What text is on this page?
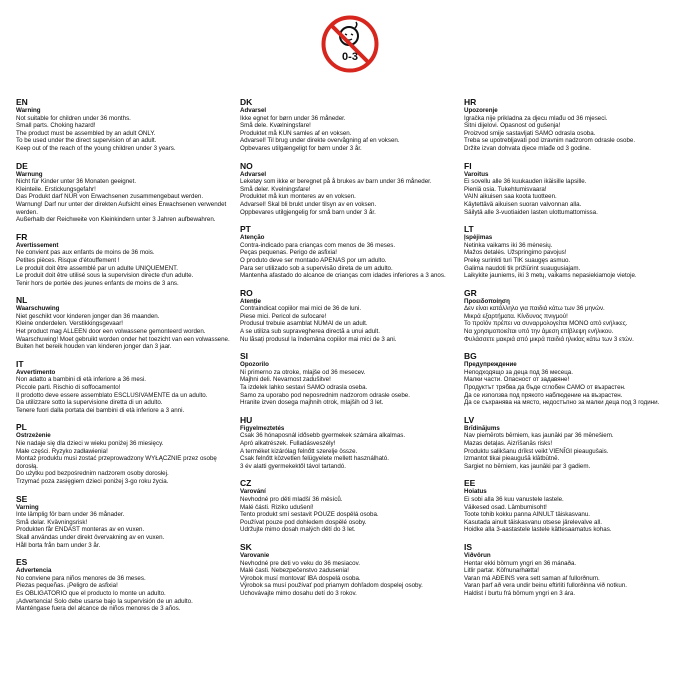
0-3
EN
Warning
Not suitable for children under 36 months.
Small parts. Choking hazard!
The product must be assembled by an adult ONLY.
To be used under the direct supervision of an adult.
Keep out of the reach of the young children under 3 years.
DE
Warnung
Nicht für Kinder unter 36 Monaten geeignet.
Kleinteile. Erstickungsgefahr!
Das Produkt darf NUR von Erwachsenen zusammengebaut werden.
Warnung! Darf nur unter der direkten Aufsicht eines Erwachsenen verwendet werden.
Außerhalb der Reichweite von Kleinkindern unter 3 Jahren aufbewahren.
FR
Avertissement
Ne convient pas aux enfants de moins de 36 mois.
Petites pièces. Risque d'étouffement !
Le produit doit être assemblé par un adulte UNIQUEMENT.
Le produit doit être utilisé sous la supervision directe d'un adulte.
Tenir hors de portée des jeunes enfants de moins de 3 ans.
NL
Waarschuwing
Niet geschikt voor kinderen jonger dan 36 maanden.
Kleine onderdelen. Verstikkingsgevaar!
Het product mag ALLEEN door een volwassene gemonteerd worden.
Waarschuwing! Moet gebruikt worden onder het toezicht van een volwassene.
Buiten het bereik houden van kinderen jonger dan 3 jaar.
IT
Avvertimento
Non adatto a bambini di età inferiore a 36 mesi.
Piccole parti. Rischio di soffocamento!
Il prodotto deve essere assemblato ESCLUSIVAMENTE da un adulto.
Da utilizzare sotto la supervisione diretta di un adulto.
Tenere fuori dalla portata dei bambini di età inferiore a 3 anni.
PL
Ostrzeżenie
Nie nadaje się dla dzieci w wieku poniżej 36 miesięcy.
Małe części. Ryzyko zadławienia!
Montaż produktu musi zostać przeprowadzony WYŁĄCZNIE przez osobę dorosłą.
Do użytku pod bezpośrednim nadzorem osoby dorosłej.
Trzymać poza zasięgiem dzieci poniżej 3-go roku życia.
SE
Varning
Inte lämplig för barn under 36 månader.
Små delar. Kvävningsrisk!
Produkten får ENDAST monteras av en vuxen.
Skall användas under direkt övervakning av en vuxen.
Håll borta från barn under 3 år.
ES
Advertencia
No conviene para niños menores de 36 meses.
Piezas pequeñas. ¡Peligro de asfixia!
Es OBLIGATORIO que el producto lo monte un adulto.
¡Advertencia! Solo debe usarse bajo la supervisión de un adulto.
Manténgase fuera del alcance de niños menores de 3 años.
DK
Advarsel
Ikke egnet for børn under 36 måneder.
Små dele. Kvælningsfare!
Produktet må KUN samles af en voksen.
Advarsel! Til brug under direkte overvågning af en voksen.
Opbevares utilgængeligt for børn under 3 år.
NO
Advarsel
Leketøy som ikke er beregnet på å brukes av barn under 36 måneder.
Små deler. Kvelningsfare!
Produktet må kun monteres av en voksen.
Advarsel! Skal bli brukt under tilsyn av en voksen.
Oppbevares utilgjengelig for små barn under 3 år.
PT
Atenção
Contra-indicado para crianças com menos de 36 meses.
Peças pequenas. Perigo de asfixia!
O produto deve ser montado APENAS por um adulto.
Para ser utilizado sob a supervisão direta de um adulto.
Mantenha afastado do alcance de crianças com idades inferiores a 3 anos.
RO
Atenție
Contraindicat copiilor mai mici de 36 de luni.
Piese mici. Pericol de sufocare!
Produsul trebuie asamblat NUMAI de un adult.
A se utiliza sub supravegherea directă a unui adult.
Nu lăsați produsul la îndemâna copiilor mai mici de 3 ani.
SI
Opozorilo
Ni primerno za otroke, mlajše od 36 mesecev.
Majhni deli. Nevarnost zadušitve!
Ta izdelek lahko sestavi SAMO odrasla oseba.
Samo za uporabo pod neposrednim nadzorom odrasle osebe.
Hranite izven dosega majhnih otrok, mlajših od 3 let.
HU
Figyelmeztetés
Csak 36 hónaposnál idősebb gyermekek számára alkalmas.
Apró alkatrészek. Fulladásveszély!
A terméket kizárólag felnőtt szerelje össze.
Csak felnőtt közvetlen felügyelete mellett használható.
3 év alatti gyermekektől távol tartandó.
CZ
Varování
Nevhodné pro děti mladší 36 měsíců.
Malé části. Riziko udušení!
Tento produkt smí sestavit POUZE dospělá osoba.
Používat pouze pod dohledem dospělé osoby.
Udržujte mimo dosah malých dětí do 3 let.
SK
Varovanie
Nevhodné pre deti vo veku do 36 mesiacov.
Malé časti. Nebezpečenstvo zadusenia!
Výrobok musí montovať IBA dospelá osoba.
Výrobok sa musí používať pod priamym dohľadom dospelej osoby.
Uchovávajte mimo dosahu detí do 3 rokov.
HR
Upozorenje
Igračka nije prikladna za djecu mlađu od 36 mjeseci.
Sitni dijelovi. Opasnost od gušenja!
Proizvod smije sastavljati SAMO odrasla osoba.
Treba se upotrebljavati pod izravnim nadzorom odrasle osobe.
Držite izvan dohvata djece mlađe od 3 godine.
FI
Varoitus
Ei sovellu alle 36 kuukauden ikäisille lapsille.
Pieniä osia. Tukehtumisvaara!
VAIN aikuisen saa koota tuotteen.
Käytettävä aikuisen suoran valvonnan alla.
Säilytä alle 3-vuotiaiden lasten ulottumattomissa.
LT
Įspėjimas
Netinka vaikams iki 36 mėnesių.
Mažos detalės. Užspringimo pavojus!
Prekę surinkti turi TIK suaugęs asmuo.
Galima naudoti tik prižiūrint suaugusiajam.
Laikykite jauniems, iki 3 metų, vaikams nepasiekiamoje vietoje.
GR
Προειδοποίηση
Δεν είναι κατάλληλο για παιδιά κάτω των 36 μηνών.
Μικρά εξαρτήματα. Κίνδυνος πνιγμού!
Το προϊόν πρέπει να συναρμολογείται ΜΟΝΟ από ενήλικες.
Να χρησιμοποιείται υπό την άμεση επίβλεψη ενήλικου.
Φυλάσσετε μακριά από μικρά παιδιά ηλικίας κάτω των 3 ετών.
BG
Предупреждение
Неподходящо за деца под 36 месеца.
Малки части. Опасност от задавяне!
Продуктът трябва да бъде сглобен САМО от възрастен.
Да се използва под прякото наблюдение на възрастен.
Да се съхранява на място, недостъпно за малки деца под 3 години.
LV
Brīdinājums
Nav piemērots bērniem, kas jaunāki par 36 mēnešiem.
Mazas detaļas. Aizrīšanās risks!
Produktu salikšanu drīkst veikt VIENĪGI pieaugušais.
Izmantot tikai pieaugušā klātbūtnē.
Sargiet no bērniem, kas jaunāki par 3 gadiem.
EE
Hoiatus
Ei sobi alla 36 kuu vanustele lastele.
Väikesed osad. Lämbumisoht!
Toote tohib kokku panna AINULT täiskasvanu.
Kasutada ainult täiskasvanu otsese järelevalve all.
Hoidke alla 3-aastastele lastele kättesaamatus kohas.
IS
Viðvörun
Hentar ekki börnum yngri en 36 mánaða.
Litlir partar. Köfnunarhætta!
Varan má AÐEINS vera sett saman af fullorðnum.
Varan þarf að vera undir beinu eftirliti fullorðinna við notkun.
Haldist í burtu frá börnum yngri en 3 ára.
